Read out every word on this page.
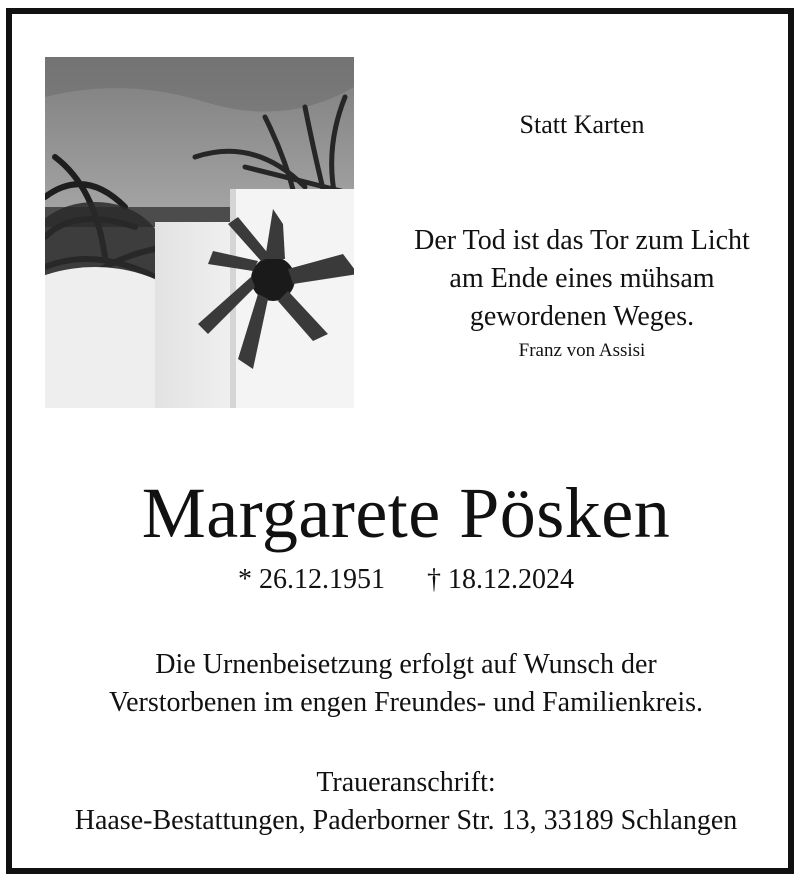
Statt Karten
Der Tod ist das Tor zum Licht
am Ende eines mühsam
gewordenen Weges.
Franz von Assisi
Margarete Pösken
* 26.12.1951 † 18.12.2024
Die Urnenbeisetzung erfolgt auf Wunsch der
Verstorbenen im engen Freundes- und Familienkreis.
Traueranschrift:
Haase-Bestattungen, Paderborner Str. 13, 33189 Schlangen
